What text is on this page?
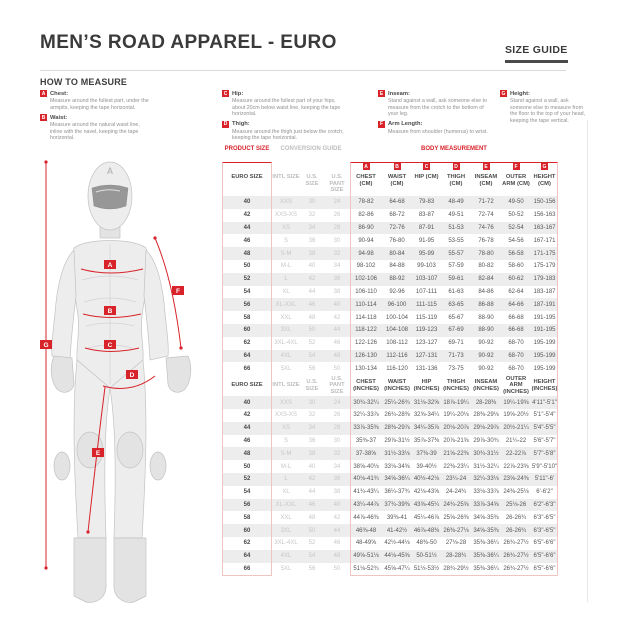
MEN’S ROAD APPAREL - EURO	SIZE GUIDE
HOW TO MEASURE
A Chest:
Measure around the fullest part, under the armpits, keeping the tape horizontal.
B Waist:
Measure around the natural waist line, inline with the navel, keeping the tape horizontal.
C Hip:
Measure around the fullest part of your hips, about 20cm below waist line, keeping the tape horizontal.
D Thigh:
Measure around the thigh just below the crotch, keeping the tape horizontal.
E Inseam:
Stand against a wall, ask someone else to measure from the crotch to the bottom of your leg.
F Arm Length:
Measure from shoulder (humerus) to wrist.
G Height:
Stand against a wall, ask someone else to measure from the floor to the top of your head, keeping the tape vertical.
A
A
B
C
D
E
F
G
PRODUCT SIZE	CONVERSION GUIDE	BODY MEASUREMENT
A	B	C	D	E	F	G
EURO SIZE	INTL SIZE	U.S. SIZE
U.S. PANT SIZE
CHEST (CM)
WAIST (CM)
HIP (CM)	THIGH (CM)
INSEAM (CM)
OUTER ARM (CM)
HEIGHT (CM)
40	XXS	30	24	78-82	64-68	79-83	48-49	71-72	49-50	150-156
42	XXS-XS	32	26	82-86	68-72	83-87	49-51	72-74	50-52	156-163
44	XS	34	28	86-90	72-76	87-91	51-53	74-76	52-54	163-167
46	S	36	30	90-94	76-80	91-95	53-55	76-78	54-56	167-171
48	S-M	38	32	94-98	80-84	95-99	55-57	78-80	56-58	171-175
50	M-L	40	34	98-102	84-88	99-103	57-59	80-82	58-60	175-179
52	L	42	36	102-106	88-92	103-107	59-61	82-84	60-62	179-183
54	XL	44	38	106-110	92-96	107-111	61-63	84-86	62-64	183-187
56	XL-XXL	46	40	110-114	96-100	111-115	63-65	86-88	64-66	187-191
58	XXL	48	42	114-118	100-104	115-119	65-67	88-90	66-68	191-195
60	3XL	50	44	118-122	104-108	119-123	67-69	88-90	66-68	191-195
62	3XL-4XL	52	46	122-126	108-112	123-127	69-71	90-92	68-70	195-199
64	4XL	54	48	126-130	112-116	127-131	71-73	90-92	68-70	195-199
66	5XL	56	50	130-134	116-120	131-136	73-75	90-92	68-70	195-199
EURO SIZE	INTL SIZE
U.S. SIZE
U.S. PANT SIZE
CHEST (INCHES)
WAIST (INCHES)
HIP (INCHES)
THIGH (INCHES)
INSEAM (INCHES)
OUTER ARM (INCHES)
HEIGHT (INCHES)
40	XXS	30	24	30¾-32¼ 25¼-26¾ 31⅛-32⅝ 18⅞-19¼	28-28⅜	19¼-19⅝ 4'11"-5'1"
42	XXS-XS	32	26	32¼-33⅞ 26¾-28⅜ 32⅝-34¼ 19¼-20⅛ 28⅜-29⅛ 19⅝-20½ 5'1"-5'4"
44	XS	34	28	33⅞-35⅜ 28⅜-29⅞ 34¼-35⅞ 20⅛-20⅞ 29⅛-29⅞ 20½-21¼ 5'4"-5'5"
46	S	36	30	35⅜-37	29⅞-31½ 35⅞-37⅜ 20⅞-21⅝ 29⅞-30¾	21¼-22	5'6"-5'7"
48	S-M	38	32	37-38⅝	31½-33⅛	37⅜-39	21⅝-22⅜ 30¾-31½	22-22⅞	5'7"-5'8"
50	M-L	40	34	38⅝-40⅛ 33⅛-34⅝	39-40½	22⅜-23¼ 31½-32¼ 22⅞-23⅝ 5'9"-5'10"
52	L	42	36	40⅛-41¾ 34⅝-36¼ 40½-42⅛	23¼-24	32¼-33⅛ 23⅝-24⅜	5'11"-6'
54	XL	44	38	41¾-43¼ 36¼-37¾ 42⅛-43⅝	24-24¾	33⅛-33⅞ 24⅜-25⅛	6'-6'2"
56	XL-XXL	46	40	43¼-44⅞ 37¾-39⅜ 43⅝-45¼ 24¾-25⅝ 33⅞-34⅝	25⅛-26	6'2"-6'3"
58	XXL	48	42	44⅞-46⅜	39⅜-41	45¼-46⅞ 25⅝-26⅜ 34⅝-35⅜	26-26¾	6'3"-6'5"
60	3XL	50	44	46⅜-48	41-42½	46⅞-48⅜ 26⅜-27⅛ 34⅝-35⅜	26-26¾	6'3"-6'5"
62	3XL-4XL	52	46	48-49⅝	42½-44⅛	48⅜-50	27⅛-28	35⅜-36¼ 26¾-27½ 6'5"-6'6"
64	4XL	54	48	49⅝-51⅛ 44⅛-45⅝	50-51½	28-28¾	35⅜-36¼ 26¾-27½ 6'5"-6'6"
66	5XL	56	50	51⅛-52¾ 45⅝-47¼ 51½-53½ 28¾-29½ 35⅜-36¼ 26¾-27½ 6'5"-6'6"
